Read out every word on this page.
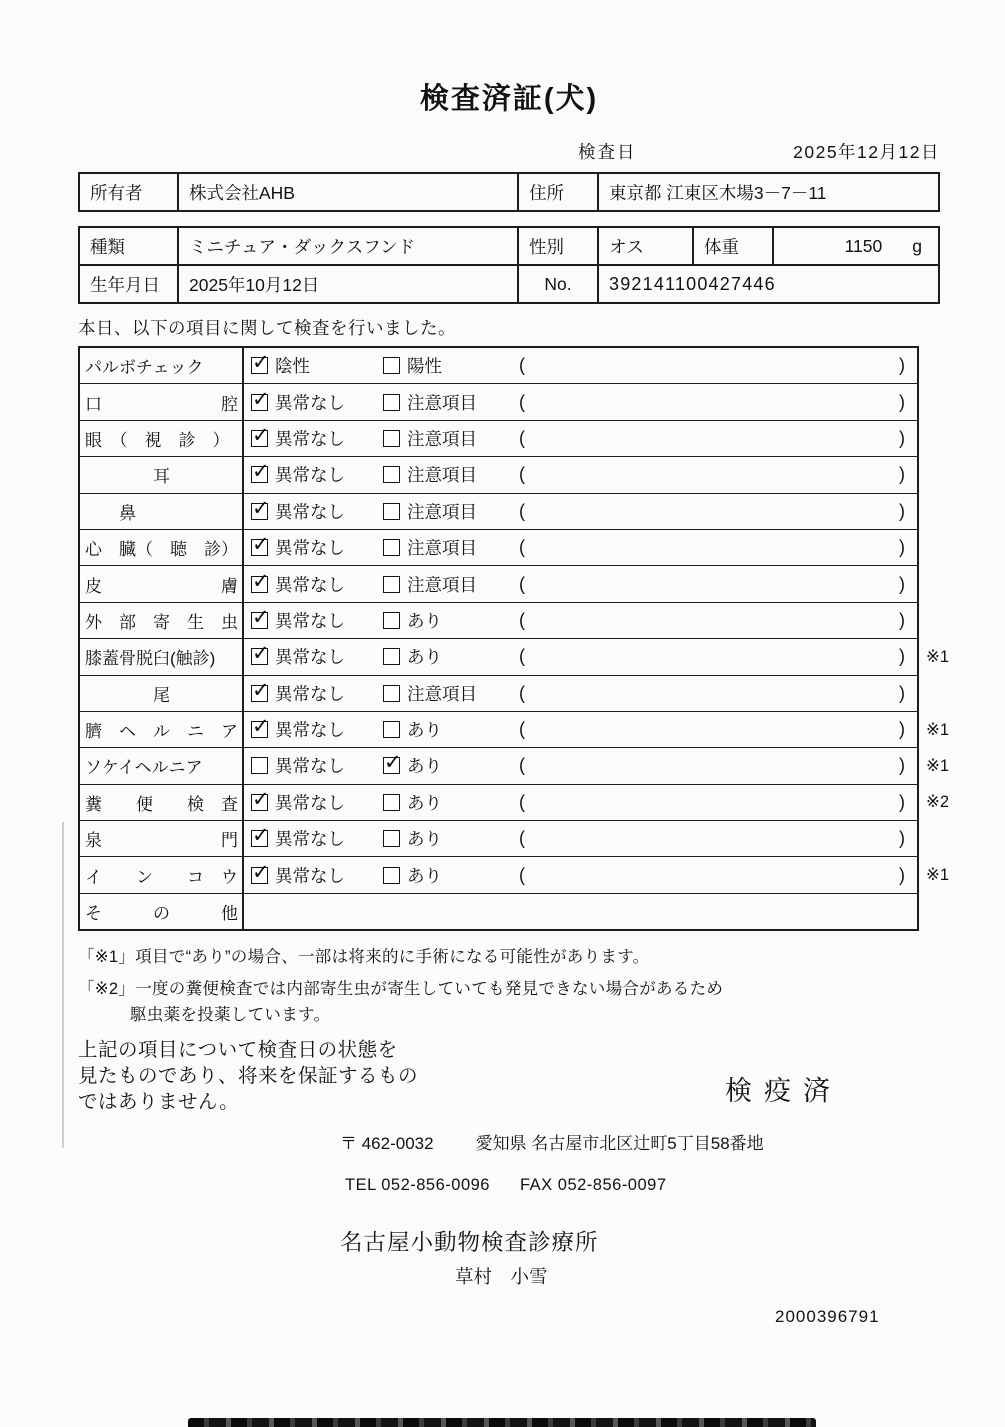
検査済証(犬)
検査日	2025年12月12日
所有者	株式会社AHB	住所	東京都 江東区木場3－7－11
種類	ミニチュア・ダックスフンド	性別	オス	体重	1150 g
生年月日	2025年10月12日	No.	392141100427446

本日、以下の項目に関して検査を行いました。

パルボチェック ✓	陰性	陽性	(	)
口　　　　　　　腔 ✓	異常なし	注意項目 (	)
眼　（　視　診　） ✓	異常なし	注意項目 (	)
　　　　耳 ✓	異常なし	注意項目 (	)
　　鼻 ✓	異常なし	注意項目 (	)
心　臓（　聴　診） ✓	異常なし	注意項目 (	)
皮　　　　　　　膚 ✓	異常なし	注意項目 (	)
外　部　寄　生　虫 ✓	異常なし	あり	(	)
膝蓋骨脱臼(触診) ✓	異常なし	あり	(	)	※1
　　　　尾 ✓	異常なし	注意項目 (	)
臍　ヘ　ル　ニ　ア ✓	異常なし	あり	(	)	※1
ソケイヘルニア	異常なし ✓	あり	(	)	※1
糞　　便　　検　査 ✓	異常なし	あり	(	)	※2
泉　　　　　　　門 ✓	異常なし	あり	(	)
イ　　ン　　コ　ウ ✓	異常なし	あり	(	)	※1
そ　　　の　　　他

「※1」項目で“あり”の場合、一部は将来的に手術になる可能性があります。

「※2」一度の糞便検査では内部寄生虫が寄生していても発見できない場合があるため

駆虫薬を投薬しています。

上記の項目について検査日の状態を

見たものであり、将来を保証するもの

ではありません。	検疫済
〒 462-0032 愛知県 名古屋市北区辻町5丁目58番地
TEL 052-856-0096 FAX 052-856-0097
名古屋小動物検査診療所
草村　小雪
2000396791
